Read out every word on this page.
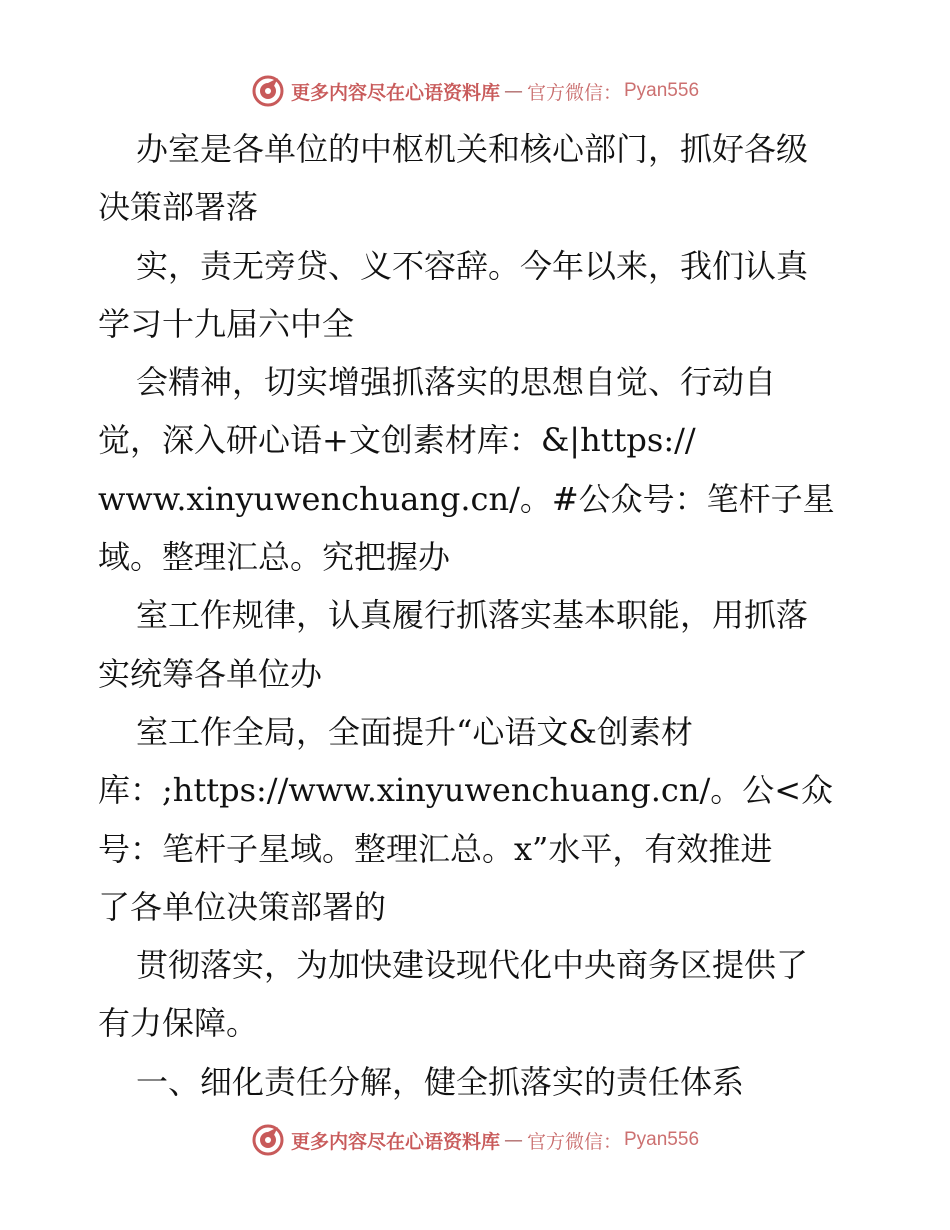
更多内容尽在心语资料库 — 官方微信： Pyan556
办室是各单位的中枢机关和核心部门，抓好各级
决策部署落
实，责无旁贷、义不容辞。今年以来，我们认真
学习十九届六中全
会精神，切实增强抓落实的思想自觉、行动自
觉，深入研心语+文创素材库：&|https://
www.xinyuwenchuang.cn/。#公众号：笔杆子星
域。整理汇总。究把握办
室工作规律，认真履行抓落实基本职能，用抓落
实统筹各单位办
室工作全局，全面提升“心语文&创素材
库：;https://www.xinyuwenchuang.cn/。公<众
号：笔杆子星域。整理汇总。x”水平，有效推进
了各单位决策部署的
贯彻落实，为加快建设现代化中央商务区提供了
有力保障。
一、细化责任分解，健全抓落实的责任体系
更多内容尽在心语资料库 — 官方微信： Pyan556
